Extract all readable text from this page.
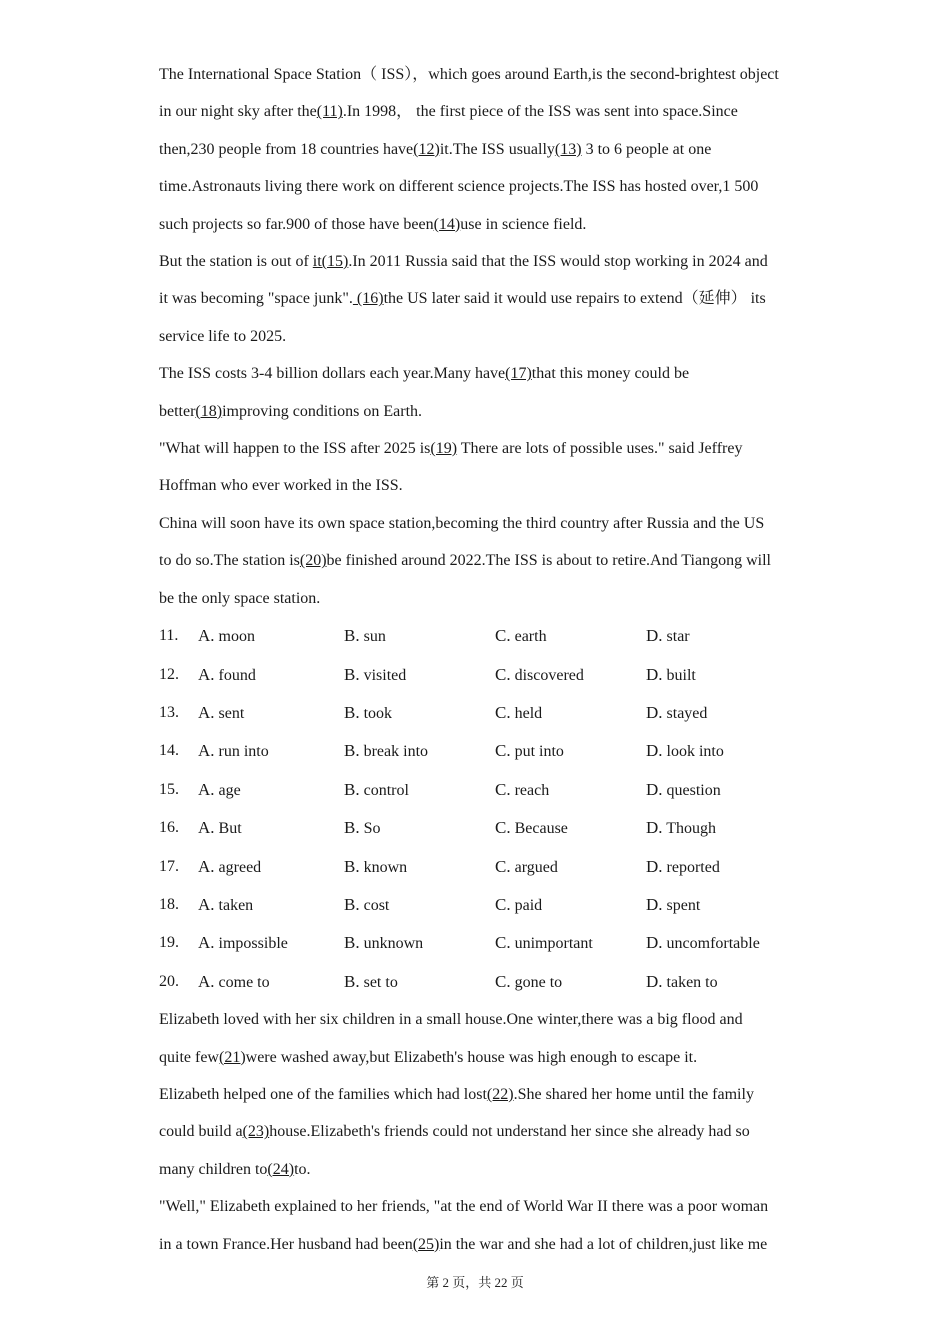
The International Space Station（ ISS），which goes around Earth,is the second-brightest object
in our night sky after the(11).In 1998， the first piece of the ISS was sent into space.Since
then,230 people from 18 countries have(12)it.The ISS usually(13) 3 to 6 people at one
time.Astronauts living there work on different science projects.The ISS has hosted over,1 500
such projects so far.900 of those have been(14)use in science field.
But the station is out of it(15).In 2011 Russia said that the ISS would stop working in 2024 and
it was becoming "space junk". (16)the US later said it would use repairs to extend（延伸） its
service life to 2025.
The ISS costs 3-4 billion dollars each year.Many have(17)that this money could be
better(18)improving conditions on Earth.
"What will happen to the ISS after 2025 is(19) There are lots of possible uses." said Jeffrey
Hoffman who ever worked in the ISS.
China will soon have its own space station,becoming the third country after Russia and the US
to do so.The station is(20)be finished around 2022.The ISS is about to retire.And Tiangong will
be the only space station.
11.	A. moon	B. sun	C. earth	D. star
12.	A. found	B. visited	C. discovered	D. built
13.	A. sent	B. took	C. held	D. stayed
14.	A. run into	B. break into	C. put into	D. look into
15.	A. age	B. control	C. reach	D. question
16.	A. But	B. So	C. Because	D. Though
17.	A. agreed	B. known	C. argued	D. reported
18.	A. taken	B. cost	C. paid	D. spent
19.	A. impossible	B. unknown	C. unimportant	D. uncomfortable
20.	A. come to	B. set to	C. gone to	D. taken to
Elizabeth loved with her six children in a small house.One winter,there was a big flood and
quite few(21)were washed away,but Elizabeth's house was high enough to escape it.
Elizabeth helped one of the families which had lost(22).She shared her home until the family
could build a(23)house.Elizabeth's friends could not understand her since she already had so
many children to(24)to.
"Well," Elizabeth explained to her friends, "at the end of World War II there was a poor woman
in a town France.Her husband had been(25)in the war and she had a lot of children,just like me
第 2 页，共 22 页
